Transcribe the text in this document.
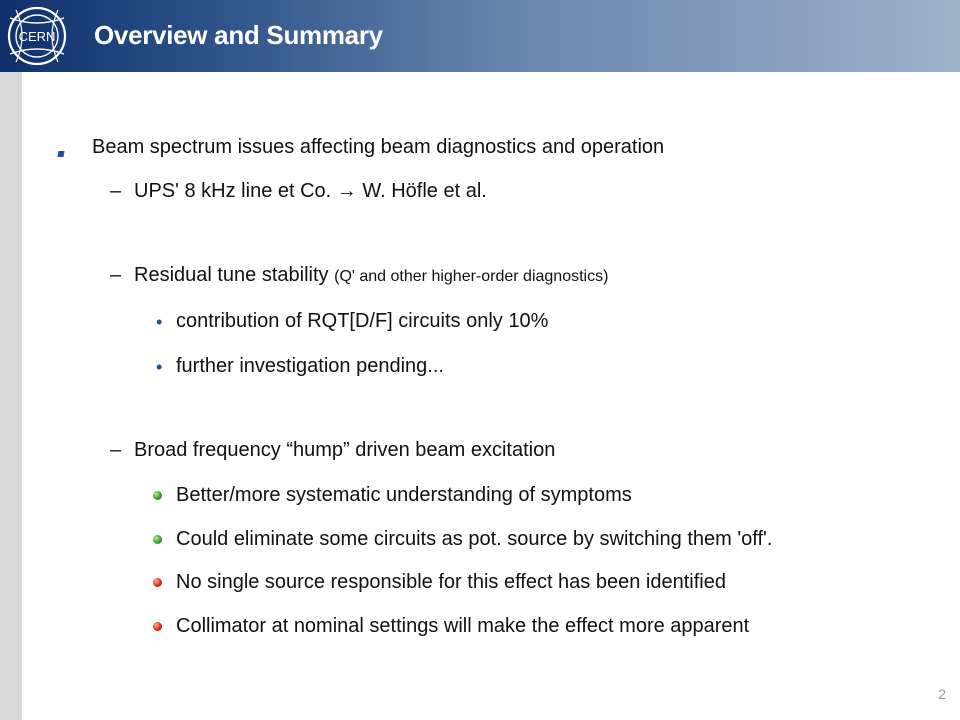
CERN Overview and Summary
Beam spectrum issues affecting beam diagnostics and operation
– UPS' 8 kHz line et Co. → W. Höfle et al.
– Residual tune stability (Q' and other higher-order diagnostics)
• contribution of RQT[D/F] circuits only 10%
• further investigation pending...
– Broad frequency “hump” driven beam excitation
Better/more systematic understanding of symptoms
Could eliminate some circuits as pot. source by switching them 'off'.
No single source responsible for this effect has been identified
Collimator at nominal settings will make the effect more apparent
2
